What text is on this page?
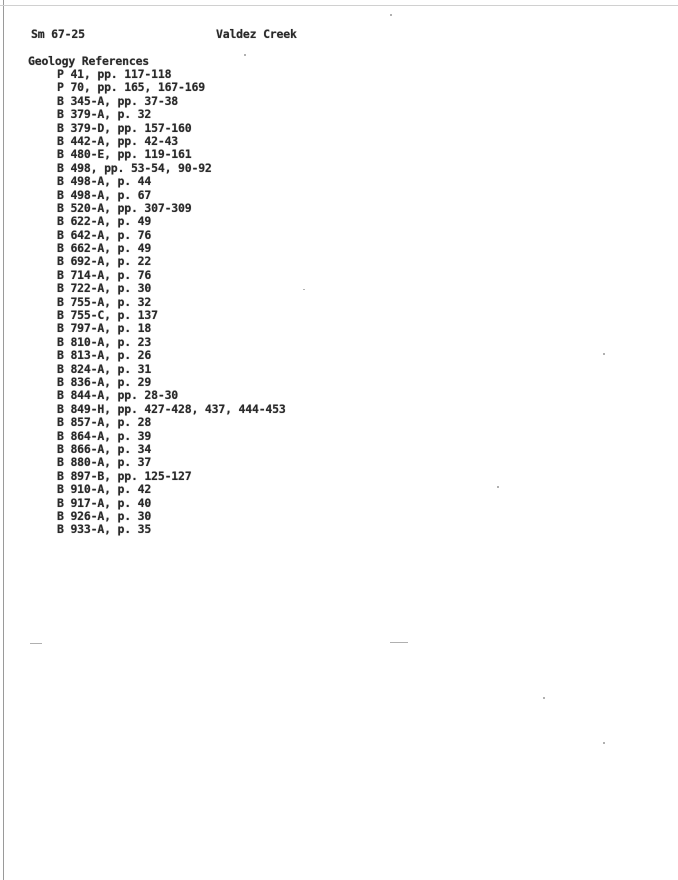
Sm 67-25	Valdez Creek
Geology References
P 41, pp. 117-118
P 70, pp. 165, 167-169
B 345-A, pp. 37-38
B 379-A, p. 32
B 379-D, pp. 157-160
B 442-A, pp. 42-43
B 480-E, pp. 119-161
B 498, pp. 53-54, 90-92
B 498-A, p. 44
B 498-A, p. 67
B 520-A, pp. 307-309
B 622-A, p. 49
B 642-A, p. 76
B 662-A, p. 49
B 692-A, p. 22
B 714-A, p. 76
B 722-A, p. 30
B 755-A, p. 32
B 755-C, p. 137
B 797-A, p. 18
B 810-A, p. 23
B 813-A, p. 26
B 824-A, p. 31
B 836-A, p. 29
B 844-A, pp. 28-30
B 849-H, pp. 427-428, 437, 444-453
B 857-A, p. 28
B 864-A, p. 39
B 866-A, p. 34
B 880-A, p. 37
B 897-B, pp. 125-127
B 910-A, p. 42
B 917-A, p. 40
B 926-A, p. 30
B 933-A, p. 35
